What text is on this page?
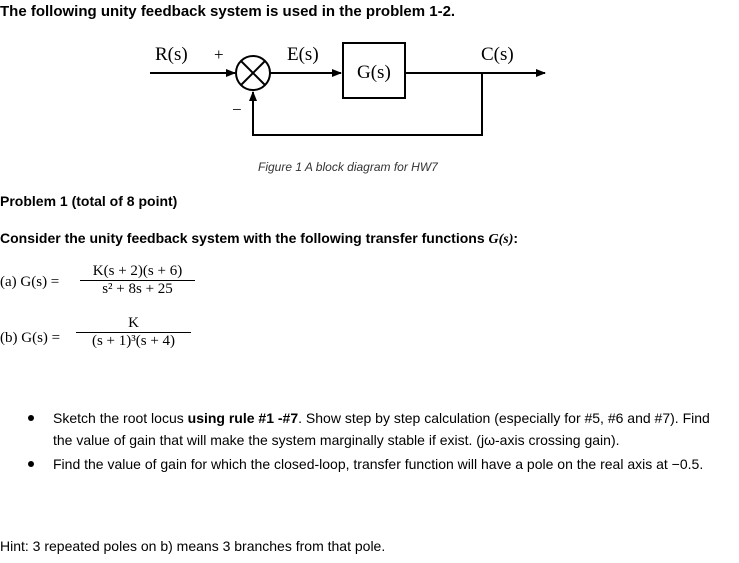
The following unity feedback system is used in the problem 1-2.
R(s) +
−
E(s)
G(s)
C(s)
Figure 1 A block diagram for HW7
Problem 1 (total of 8 point)
Consider the unity feedback system with the following transfer functions G(s):
(a) $G(s) = \frac{K(s + 2)(s + 6)}{\text{s² + 8s + 25}}$
(b) $G(s) = \frac{K}{\text{(s + 1)³(s + 4)}}$
Sketch the root locus using rule #1 -#7. Show step by step calculation (especially for #5, #6 and #7). Find the value of gain that will make the system marginally stable if exist. (jω-axis crossing gain).
Find the value of gain for which the closed-loop, transfer function will have a pole on the real axis at −0.5.
Hint: 3 repeated poles on b) means 3 branches from that pole.
